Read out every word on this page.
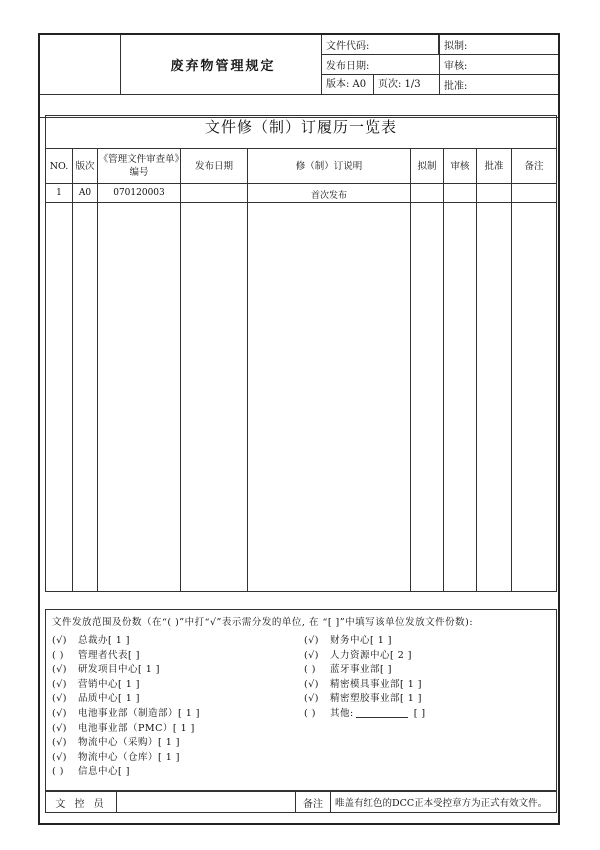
	废弃物管理规定	文件代码:		拟制:
		发布日期:	审核:
		版本: A0 页次: 1/3	批准:

文件修（制）订履历一览表								
NO.	版次	《管理文件审查单》编号	发布日期	修（制）订说明	拟制	审核	批准	备注
1	A0	070120003		首次发布				

文件发放范围及份数（在“( )”中打“√”表示需分发的单位, 在 “[ ]”中填写该单位发放文件份数):
(√) 总裁办[ 1 ]
( ) 管理者代表[ ]
(√) 研发项目中心[ 1 ]
(√) 营销中心[ 1 ]
(√) 品质中心[ 1 ]
(√) 电池事业部（制造部）[ 1 ]
(√) 电池事业部（PMC）[ 1 ]
(√) 物流中心（采购）[ 1 ]
(√) 物流中心（仓库）[ 1 ]
( ) 信息中心[ ]
(√) 财务中心[ 1 ]
(√) 人力资源中心[ 2 ]
( ) 蓝牙事业部[ ]
(√) 精密模具事业部[ 1 ]
(√) 精密塑胶事业部[ 1 ]
( ) 其他:	[ ]
文 控 员		备注	唯盖有红色的DCC正本受控章方为正式有效文件。
